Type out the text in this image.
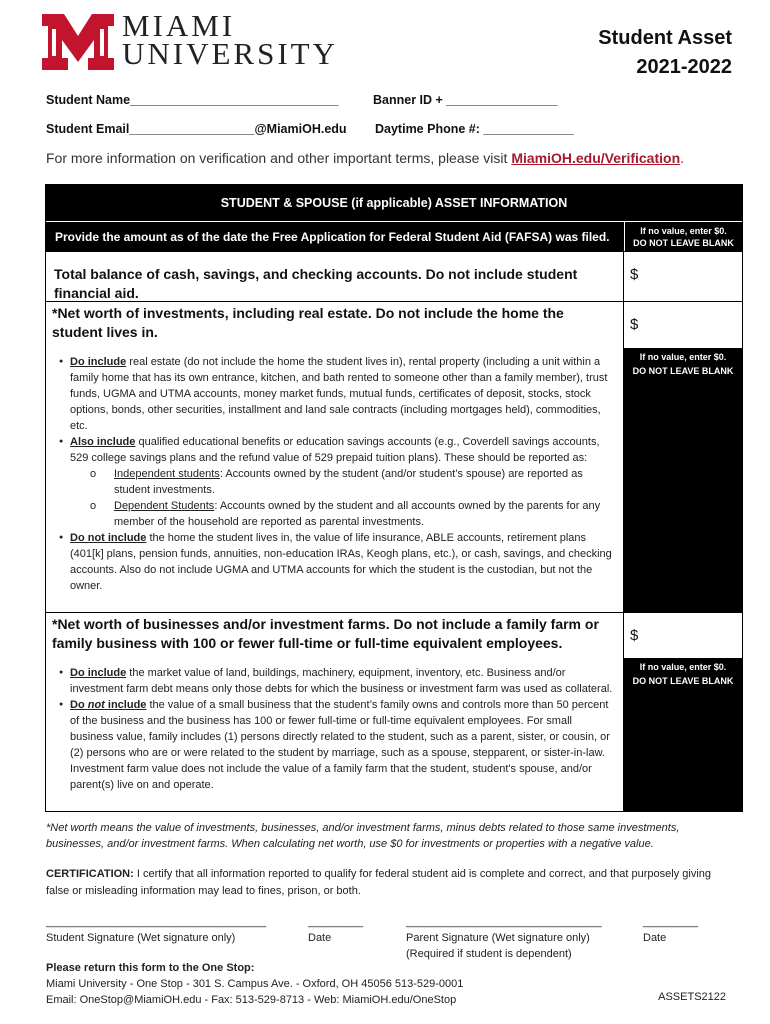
MIAMI
UNIVERSITY	Student Asset
2021-2022
Student Name______________________________	Banner ID + ________________
Student Email__________________@MiamiOH.edu Daytime Phone #: _____________
For more information on verification and other important terms, please visit MiamiOH.edu/Verification.
STUDENT & SPOUSE (if applicable) ASSET INFORMATION
Provide the amount as of the date the Free Application for Federal Student Aid (FAFSA) was filed.	If no value, enter $0.
DO NOT LEAVE BLANK
Total balance of cash, savings, and checking accounts. Do not include student financial aid.
$
*Net worth of investments, including real estate. Do not include the home the student lives in.
● Do include real estate (do not include the home the student lives in), rental property (including a unit within a family home that has its own entrance, kitchen, and bath rented to someone other than a family member), trust funds, UGMA and UTMA accounts, money market funds, mutual funds, certificates of deposit, stocks, stock options, bonds, other securities, installment and land sale contracts (including mortgages held), commodities, etc.
● Also include qualified educational benefits or education savings accounts (e.g., Coverdell savings accounts, 529 college savings plans and the refund value of 529 prepaid tuition plans). These should be reported as:
o Independent students: Accounts owned by the student (and/or student’s spouse) are reported as student investments.
o Dependent Students: Accounts owned by the student and all accounts owned by the parents for any member of the household are reported as parental investments.
● Do not include the home the student lives in, the value of life insurance, ABLE accounts, retirement plans (401[k] plans, pension funds, annuities, non-education IRAs, Keogh plans, etc.), or cash, savings, and checking accounts. Also do not include UGMA and UTMA accounts for which the student is the custodian, but not the owner.
$
If no value, enter $0.
DO NOT LEAVE BLANK
*Net worth of businesses and/or investment farms. Do not include a family farm or family business with 100 or fewer full-time or full-time equivalent employees.
● Do include the market value of land, buildings, machinery, equipment, inventory, etc. Business and/or investment farm debt means only those debts for which the business or investment farm was used as collateral.
● Do not include the value of a small business that the student’s family owns and controls more than 50 percent of the business and the business has 100 or fewer full-time or full-time equivalent employees. For small business value, family includes (1) persons directly related to the student, such as a parent, sister, or cousin, or (2) persons who are or were related to the student by marriage, such as a spouse, stepparent, or sister-in-law. Investment farm value does not include the value of a family farm that the student, student's spouse, and/or parent(s) live on and operate.
$
If no value, enter $0.
DO NOT LEAVE BLANK
*Net worth means the value of investments, businesses, and/or investment farms, minus debts related to those same investments, businesses, and/or investment farms. When calculating net worth, use $0 for investments or properties with a negative value.
CERTIFICATION: I certify that all information reported to qualify for federal student aid is complete and correct, and that purposely giving false or misleading information may lead to fines, prison, or both.
____________________________________
Student Signature (Wet signature only)
_________
Date
________________________________
Parent Signature (Wet signature only)
(Required if student is dependent)
_________
Date
Please return this form to the One Stop:
Miami University - One Stop - 301 S. Campus Ave. - Oxford, OH 45056 513-529-0001
Email: OneStop@MiamiOH.edu - Fax: 513-529-8713 - Web: MiamiOH.edu/OneStop	ASSETS2122
